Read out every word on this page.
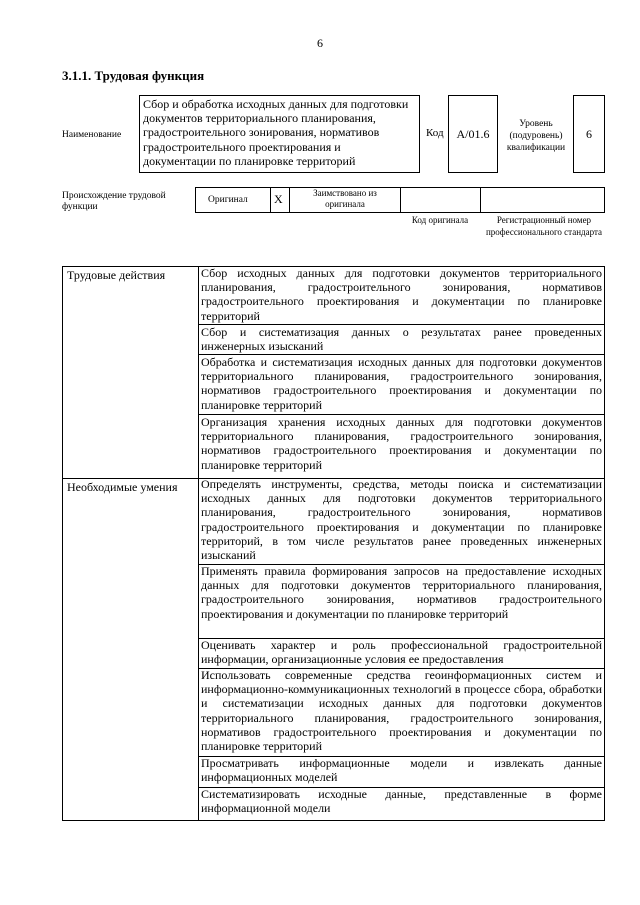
6
3.1.1. Трудовая функция
Наименование
Сбор и обработка исходных данных для подготовки документов территориального планирования, градостроительного зонирования, нормативов градостроительного проектирования и документации по планировке территорий
Код A/01.6
Уровень (подуровень) квалификации
6
Происхождение трудовой функции
Оригинал X	Заимствовано из оригинала
Код оригинала	Регистрационный номер профессионального стандарта
Трудовые действия
Необходимые умения
Сбор исходных данных для подготовки документов территориального планирования, градостроительного зонирования, нормативов градостроительного проектирования и документации по планировке территорий
Сбор и систематизация данных о результатах ранее проведенных инженерных изысканий
Обработка и систематизация исходных данных для подготовки документов территориального планирования, градостроительного зонирования, нормативов градостроительного проектирования и документации по планировке территорий
Организация хранения исходных данных для подготовки документов территориального планирования, градостроительного зонирования, нормативов градостроительного проектирования и документации по планировке территорий
Определять инструменты, средства, методы поиска и систематизации исходных данных для подготовки документов территориального планирования, градостроительного зонирования, нормативов градостроительного проектирования и документации по планировке территорий, в том числе результатов ранее проведенных инженерных изысканий
Применять правила формирования запросов на предоставление исходных данных для подготовки документов территориального планирования, градостроительного зонирования, нормативов градостроительного проектирования и документации по планировке территорий
Оценивать характер и роль профессиональной градостроительной информации, организационные условия ее предоставления
Использовать современные средства геоинформационных систем и информационно-коммуникационных технологий в процессе сбора, обработки и систематизации исходных данных для подготовки документов территориального планирования, градостроительного зонирования, нормативов градостроительного проектирования и документации по планировке территорий
Просматривать информационные модели и извлекать данные информационных моделей
Систематизировать исходные данные, представленные в форме информационной модели
